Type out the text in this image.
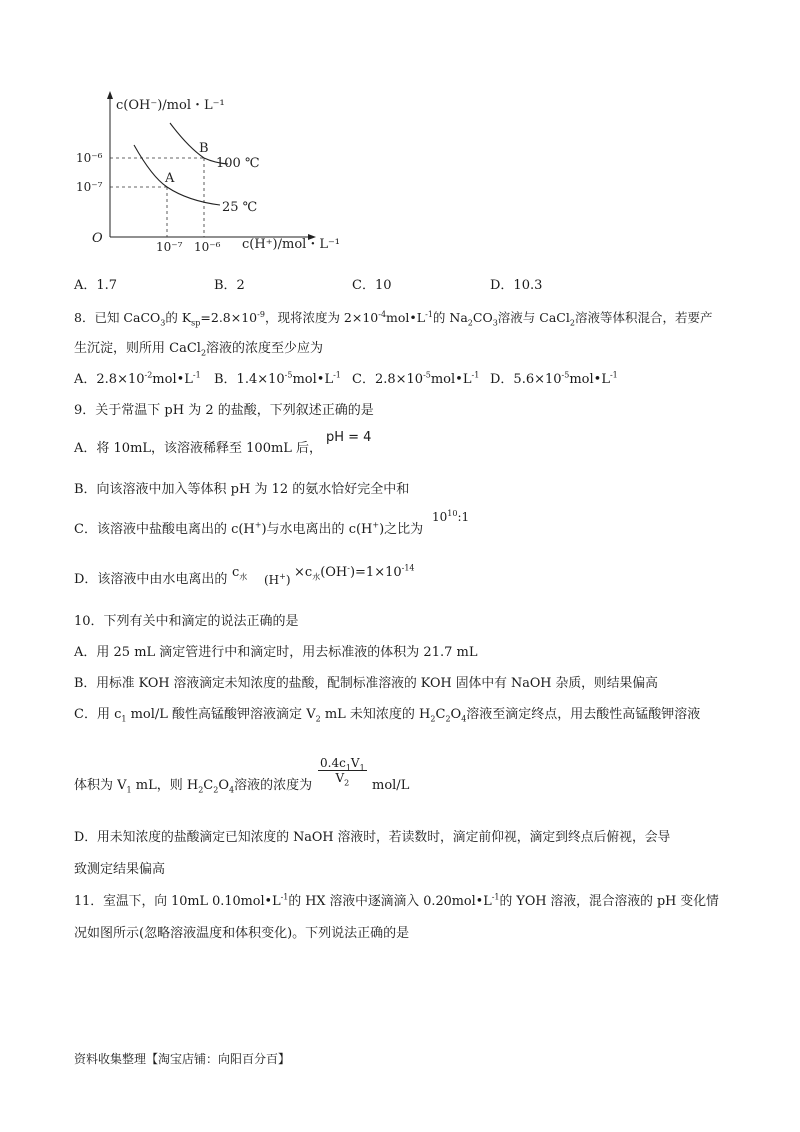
c(OH⁻)/mol・L⁻¹
c(H⁺)/mol・L⁻¹
O
10⁻⁶
10⁻⁷
10⁻⁷ 10⁻⁶
A
B
100 ℃
25 ℃
A．1.7	B．2	C．10	D．10.3
8．已知 CaCO$_3$的 $K_{sp}=2.8\times 10^{-9}$，现将浓度为 $2\times 10^{-4}mol•L^{-1}$的 $Na_2CO_3$溶液与 CaCl$_2$溶液等体积混合，若要产
生沉淀，则所用 CaCl$_2$溶液的浓度至少应为
A．$2.8\times 10^{-2}mol•L^{-1}$ B．$1.4\times 10^{-5}mol•L^{-1}$ C．$2.8\times 10^{-5}mol•L^{-1}$ D．$5.6\times 10^{-5}mol•L^{-1}$
9．关于常温下 pH 为 2 的盐酸，下列叙述正确的是
A．将 10mL，该溶液稀释至 100mL 后，
pH = 4
B．向该溶液中加入等体积 pH 为 12 的氨水恰好完全中和
C．该溶液中盐酸电离出的 c(H+)与水电离出的 c(H+)之比为
$10^{10}:1$
D．该溶液中由水电离出的 $c_水$ $(H^+) \times c_水(OH^-)=1\times 10^{-14}$
10．下列有关中和滴定的说法正确的是
A．用 25 mL 滴定管进行中和滴定时，用去标准液的体积为 21.7 mL
B．用标准 KOH 溶液滴定未知浓度的盐酸，配制标准溶液的 KOH 固体中有 NaOH 杂质，则结果偏高
C．用 $c_1$ mol/L 酸性高锰酸钾溶液滴定 $V_2$ mL 未知浓度的 $H_2C_2O_4$溶液至滴定终点，用去酸性高锰酸钾溶液
体积为 $V_1$ mL，则 $H_2C_2O_4$溶液的浓度为
$\frac{0.4c_1V_1}{V_2}$
mol/L
D．用未知浓度的盐酸滴定已知浓度的 NaOH 溶液时，若读数时，滴定前仰视，滴定到终点后俯视，会导
致测定结果偏高
11．室温下，向 10mL $0.10mol•L^{-1}$的 HX 溶液中逐滴滴入 $0.20mol•L^{-1}$的 YOH 溶液，混合溶液的 pH 变化情
况如图所示(忽略溶液温度和体积变化)。下列说法正确的是
资料收集整理【淘宝店铺：向阳百分百】
